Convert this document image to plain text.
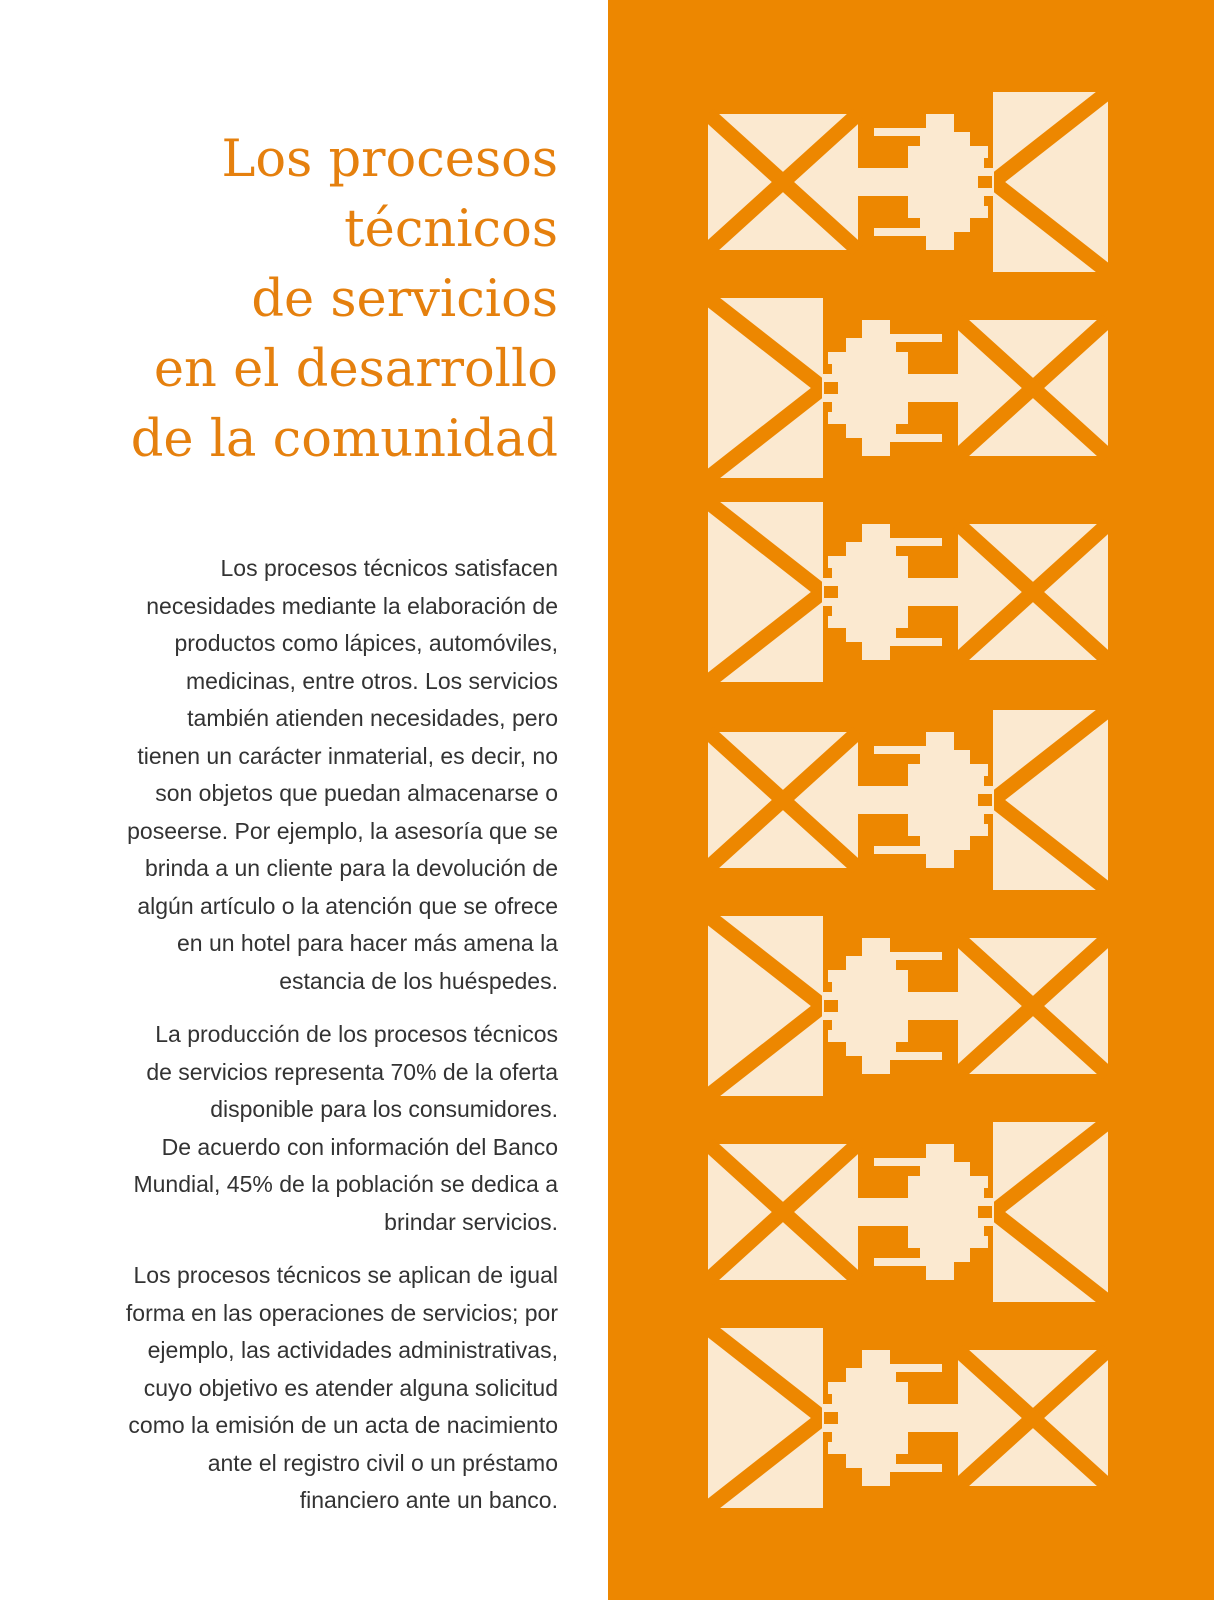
Los procesos
técnicos
de servicios
en el desarrollo
de la comunidad

Los procesos técnicos satisfacen
necesidades mediante la elaboración de
productos como lápices, automóviles,
medicinas, entre otros. Los servicios
también atienden necesidades, pero
tienen un carácter inmaterial, es decir, no
son objetos que puedan almacenarse o
poseerse. Por ejemplo, la asesoría que se
brinda a un cliente para la devolución de
algún artículo o la atención que se ofrece
en un hotel para hacer más amena la
estancia de los huéspedes.

La producción de los procesos técnicos
de servicios representa 70% de la oferta
disponible para los consumidores.
De acuerdo con información del Banco
Mundial, 45% de la población se dedica a
brindar servicios.

Los procesos técnicos se aplican de igual
forma en las operaciones de servicios; por
ejemplo, las actividades administrativas,
cuyo objetivo es atender alguna solicitud
como la emisión de un acta de nacimiento
ante el registro civil o un préstamo
financiero ante un banco.
